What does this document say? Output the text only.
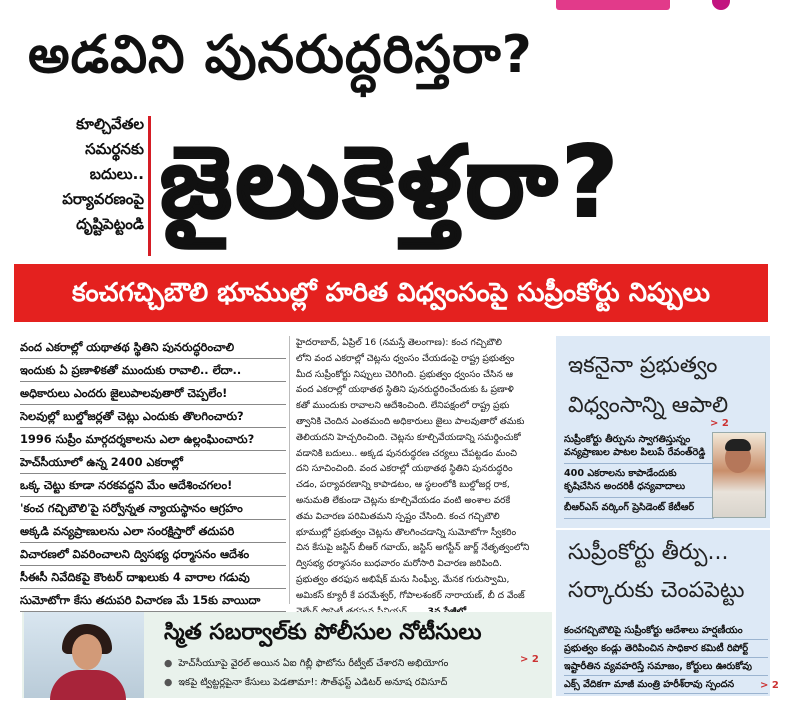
అడవిని పునరుద్ధరిస్తరా?
కూల్చివేతల
సమర్థనకు
బదులు..
పర్యావరణంపై
దృష్టిపెట్టండి జైలుకెళ్తరా?
కంచగచ్చిబౌలి భూముల్లో హరిత విధ్వంసంపై సుప్రీంకోర్టు నిప్పులు
వంద ఎకరాల్లో యథాతథ స్థితిని పునరుద్ధరించాలి
ఇందుకు ఏ ప్రణాళికతో ముందుకు రావాలి.. లేదా..
అధికారులు ఎందరు జైలుపాలవుతారో చెప్పలేం!
సెలవుల్లో బుల్డోజర్లతో చెట్లు ఎందుకు తొలగించారు?
1996 సుప్రీం మార్గదర్శకాలను ఎలా ఉల్లంఘించారు?
హెచ్‌సీయూలో ఉన్న 2400 ఎకరాల్లో
ఒక్క చెట్టు కూడా నరకవద్దని మేం ఆదేశించగలం!
'కంచ గచ్చిబౌలి'పై సర్వోన్నత న్యాయస్థానం ఆగ్రహం
అక్కడి వన్యప్రాణులను ఎలా సంరక్షిస్తారో తదుపరి
విచారణలో వివరించాలని ద్విసభ్య ధర్మాసనం ఆదేశం
సీఈసీ నివేదికపై కౌంటర్ దాఖలుకు 4 వారాల గడువు
సుమోటోగా కేసు తదుపరి విచారణ మే 15కు వాయిదా
హైదరాబాద్, ఏప్రిల్ 16 (నమస్తే తెలంగాణ): కంచ గచ్చిబౌలి
లోని వంద ఎకరాల్లో చెట్లను ధ్వంసం చేయడంపై రాష్ట్ర ప్రభుత్వం
మీద సుప్రీంకోర్టు నిప్పులు చెరిగింది. ప్రభుత్వం ధ్వంసం చేసిన ఆ
వంద ఎకరాల్లో యథాతథ స్థితిని పునరుద్ధరించేందుకు ఓ ప్రణాళి
కతో ముందుకు రావాలని ఆదేశించింది. లేనిపక్షంలో రాష్ట్ర ప్రభు
త్వానికి చెందిన ఎంతమంది అధికారులు జైలు పాలవుతారో తమకు
తెలియదని హెచ్చరించింది. చెట్లను కూల్చివేయడాన్ని సమర్థించుకో
వడానికి బదులు.. అక్కడ పునరుద్ధరణ చర్యలు చేపట్టడం మంచి
దని సూచించింది. వంద ఎకరాల్లో యథాతథ స్థితిని పునరుద్ధరిం
చడం, పర్యావరణాన్ని కాపాడటం, ఆ స్థలంలోకి బుల్డోజర్ల రాక,
అనుమతి లేకుండా చెట్లను కూల్చివేయడం వంటి అంశాల వరకే
తమ విచారణ పరిమితమని స్పష్టం చేసింది. కంచ గచ్చిబౌలి
భూముల్లో ప్రభుత్వం చెట్లను తొలగించడాన్ని సుమోటోగా స్వీకరిం
చిన కేసుపై జస్టిస్ బీఆర్ గవాయ్, జస్టిస్ అగస్టీన్ జార్జ్ నేతృత్వంలోని
ద్విసభ్య ధర్మాసనం బుధవారం మరోసారి విచారణ జరిపింది.
ప్రభుత్వం తరఫున అభిషేక్ మను సింఘ్వీ, మేనక గురుస్వామి,
అమికస్ క్యూరీ కే పరమేశ్వర్, గోపాలశంకర్ నారాయణ్, బీ ద వేంజ్
ఇకనైనా ప్రభుత్వం
విధ్వంసాన్ని ఆపాలి
> 2
సుప్రీంకోర్టు తీర్పును స్వాగతిస్తున్నం
వన్యప్రాణుల పాటల పిలుపే రేవంత్‌రెడ్డి
400 ఎకరాలను కాపాడేందుకు
కృషిచేసిన అందరికీ ధన్యవాదాలు
బీఆర్‌ఎస్ వర్కింగ్ ప్రెసిడెంట్ కేటీఆర్
సుప్రీంకోర్టు తీర్పు...
సర్కారుకు చెంపపెట్టు
కంచగచ్చిబౌలిపై సుప్రీంకోర్టు ఆదేశాలు హర్షణీయం
ప్రభుత్వం కండ్లు తెరిపించిన సాధికార కమిటీ రిపోర్ట్
ఇష్టారీతిన వ్యవహరిస్తే సమాజం, కోర్టులు ఊరుకోవు
ఎక్స్ వేదికగా మాజీ మంత్రి హరీశ్‌రావు స్పందన	> 2
స్మిత సబర్వాల్‌కు పోలీసుల నోటీసులు
● హెచ్‌సీయూపై వైరల్ అయిన ఏఐ గిబ్లీ ఫొటోను రీట్వీట్ చేశారని అభియోగం
● ఇకపై ట్విట్టర్లపైనా కేసులు పెడతామా!: సౌత్‌ఫస్ట్ ఎడిటర్ అనూష రవిసూద్
> 2
